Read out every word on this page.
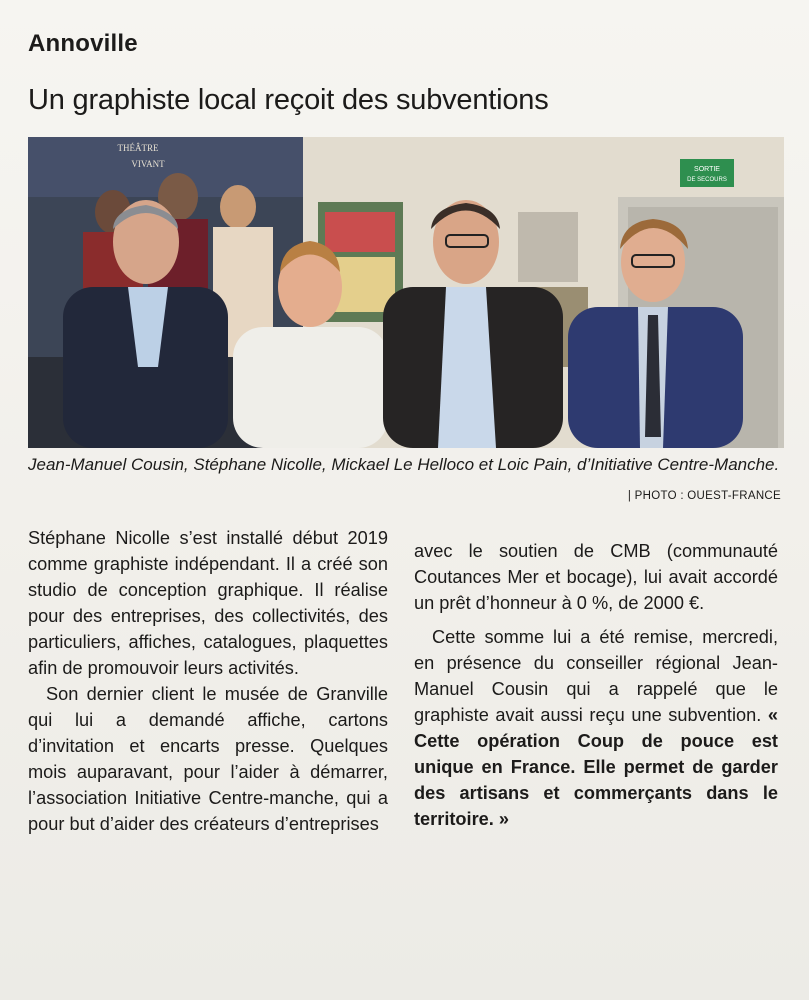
Annoville
Un graphiste local reçoit des subventions
SORTIE
DE SECOURS
THÉÂTRE
VIVANT
Jean-Manuel Cousin, Stéphane Nicolle, Mickael Le Helloco et Loic Pain, d’Initiative Centre-Manche.
| PHOTO : OUEST-FRANCE

Stéphane Nicolle s’est installé début 2019 comme graphiste indépendant. Il a créé son studio de conception graphique. Il réalise pour des entreprises, des collectivités, des particuliers, affiches, catalogues, plaquettes afin de promouvoir leurs activités.

Son dernier client le musée de Granville qui lui a demandé affiche, cartons d’invitation et encarts presse. Quelques mois auparavant, pour l’aider à démarrer, l’association Initiative Centre-manche, qui a pour but d’aider des créateurs d’entreprises

avec le soutien de CMB (communauté Coutances Mer et bocage), lui avait accordé un prêt d’honneur à 0 %, de 2000 €.

Cette somme lui a été remise, mercredi, en présence du conseiller régional Jean-Manuel Cousin qui a rappelé que le graphiste avait aussi reçu une subvention. « Cette opération Coup de pouce est unique en France. Elle permet de garder des artisans et commerçants dans le territoire. »
